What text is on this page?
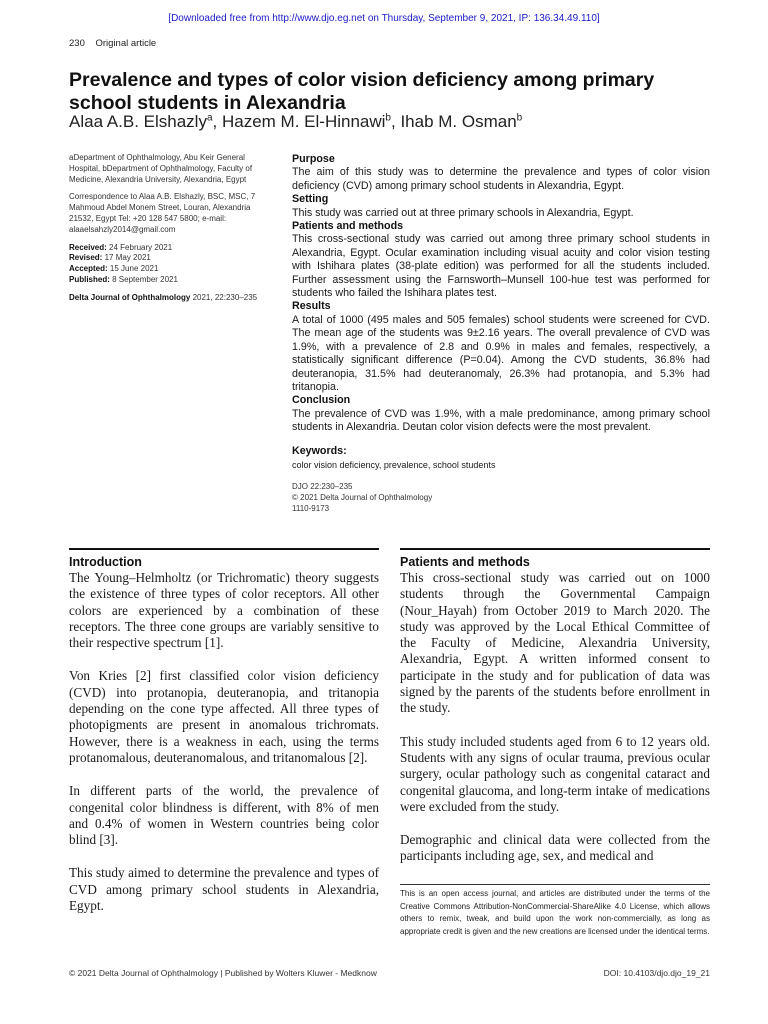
[Downloaded free from http://www.djo.eg.net on Thursday, September 9, 2021, IP: 136.34.49.110]
230 Original article
Prevalence and types of color vision deficiency among primary school students in Alexandria
Alaa A.B. Elshazly$^a$, Hazem M. El-Hinnawi$^b$, Ihab M. Osman$^b$

aDepartment of Ophthalmology, Abu Keir General Hospital, bDepartment of Ophthalmology, Faculty of Medicine, Alexandria University, Alexandria, Egypt

Correspondence to Alaa A.B. Elshazly, BSC, MSC, 7 Mahmoud Abdel Monem Street, Louran, Alexandria 21532, Egypt Tel: +20 128 547 5800; e-mail: alaaelsahzly2014@gmail.com

Received: 24 February 2021

Revised: 17 May 2021

Accepted: 15 June 2021

Published: 8 September 2021

Delta Journal of Ophthalmology 2021, 22:230–235

Purpose

The aim of this study was to determine the prevalence and types of color vision deficiency (CVD) among primary school students in Alexandria, Egypt.

Setting

This study was carried out at three primary schools in Alexandria, Egypt.

Patients and methods

This cross-sectional study was carried out among three primary school students in Alexandria, Egypt. Ocular examination including visual acuity and color vision testing with Ishihara plates (38-plate edition) was performed for all the students included. Further assessment using the Farnsworth–Munsell 100-hue test was performed for students who failed the Ishihara plates test.

Results

A total of 1000 (495 males and 505 females) school students were screened for CVD. The mean age of the students was 9±2.16 years. The overall prevalence of CVD was 1.9%, with a prevalence of 2.8 and 0.9% in males and females, respectively, a statistically significant difference (P=0.04). Among the CVD students, 36.8% had deuteranopia, 31.5% had deuteranomaly, 26.3% had protanopia, and 5.3% had tritanopia.

Conclusion

The prevalence of CVD was 1.9%, with a male predominance, among primary school students in Alexandria. Deutan color vision defects were the most prevalent.

Keywords:
color vision deficiency, prevalence, school students
DJO 22:230–235
© 2021 Delta Journal of Ophthalmology
1110-9173
Introduction

The Young–Helmholtz (or Trichromatic) theory suggests the existence of three types of color receptors. All other colors are experienced by a combination of these receptors. The three cone groups are variably sensitive to their respective spectrum [1].

Von Kries [2] first classified color vision deficiency (CVD) into protanopia, deuteranopia, and tritanopia depending on the cone type affected. All three types of photopigments are present in anomalous trichromats. However, there is a weakness in each, using the terms protanomalous, deuteranomalous, and tritanomalous [2].

In different parts of the world, the prevalence of congenital color blindness is different, with 8% of men and 0.4% of women in Western countries being color blind [3].

This study aimed to determine the prevalence and types of CVD among primary school students in Alexandria, Egypt.

Patients and methods

This cross-sectional study was carried out on 1000 students through the Governmental Campaign (Nour_Hayah) from October 2019 to March 2020. The study was approved by the Local Ethical Committee of the Faculty of Medicine, Alexandria University, Alexandria, Egypt. A written informed consent to participate in the study and for publication of data was signed by the parents of the students before enrollment in the study.

This study included students aged from 6 to 12 years old. Students with any signs of ocular trauma, previous ocular surgery, ocular pathology such as congenital cataract and congenital glaucoma, and long-term intake of medications were excluded from the study.

Demographic and clinical data were collected from the participants including age, sex, and medical and

This is an open access journal, and articles are distributed under the terms of the Creative Commons Attribution-NonCommercial-ShareAlike 4.0 License, which allows others to remix, tweak, and build upon the work non-commercially, as long as appropriate credit is given and the new creations are licensed under the identical terms.
© 2021 Delta Journal of Ophthalmology | Published by Wolters Kluwer - Medknow	DOI: 10.4103/djo.djo_19_21
